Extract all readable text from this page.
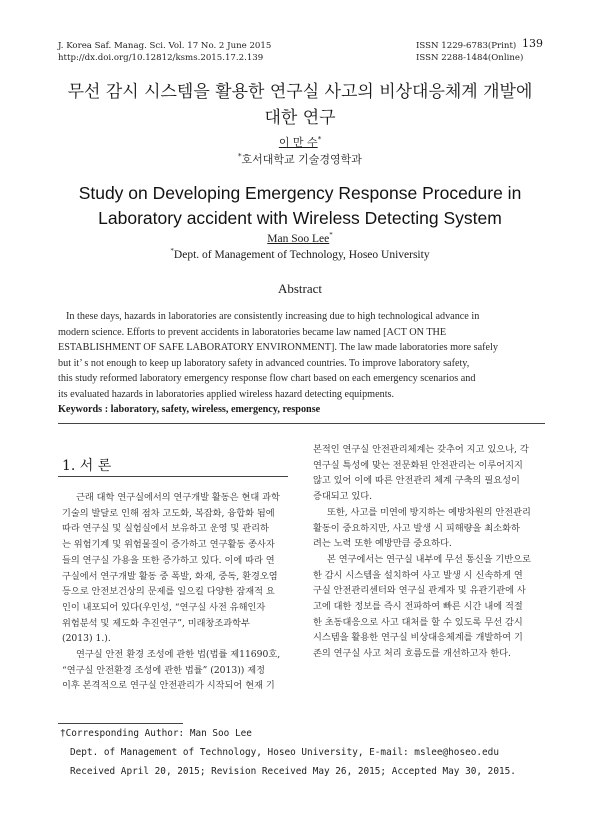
J. Korea Saf. Manag. Sci. Vol. 17 No. 2 June 2015
http://dx.doi.org/10.12812/ksms.2015.17.2.139
ISSN 1229-6783(Print)
ISSN 2288-1484(Online)
139
무선 감시 시스템을 활용한 연구실 사고의 비상대응체계 개발에
대한 연구
이 만 수*
*호서대학교 기술경영학과
Study on Developing Emergency Response Procedure in
Laboratory accident with Wireless Detecting System
Man Soo Lee*
*Dept. of Management of Technology, Hoseo University
Abstract
In these days, hazards in laboratories are consistently increasing due to high technological advance in
modern science. Efforts to prevent accidents in laboratories became law named [ACT ON THE
ESTABLISHMENT OF SAFE LABORATORY ENVIRONMENT]. The law made laboratories more safely
but it’ s not enough to keep up laboratory safety in advanced countries. To improve laboratory safety,
this study reformed laboratory emergency response flow chart based on each emergency scenarios and
its evaluated hazards in laboratories applied wireless hazard detecting equipments.
Keywords : laboratory, safety, wireless, emergency, response
1. 서 론
근래 대학 연구실에서의 연구개발 활동은 현대 과학
기술의 발달로 인해 점차 고도화, 복잡화, 융합화 됨에
따라 연구실 및 실험실에서 보유하고 운영 및 관리하
는 위험기계 및 위험물질이 증가하고 연구활동 종사자
들의 연구실 가용을 또한 증가하고 있다. 이에 따라 연
구실에서 연구개발 활동 중 폭발, 화재, 중독, 환경오염
등으로 안전보건상의 문제를 일으킬 다양한 잠재적 요
인이 내포되어 있다(우인성, “연구실 사전 유해인자
위험분석 및 제도화 추진연구”, 미래창조과학부
(2013) 1.).
연구실 안전 환경 조성에 관한 법(법률 제11690호,
“연구실 안전환경 조성에 관한 법률” (2013)) 제정
이후 본격적으로 연구실 안전관리가 시작되어 현재 기
본적인 연구실 안전관리체계는 갖추어 지고 있으나, 각
연구실 특성에 맞는 전문화된 안전관리는 이루어지지
않고 있어 이에 따른 안전관리 체계 구축의 필요성이
증대되고 있다.
또한, 사고를 미연에 방지하는 예방차원의 안전관리
활동이 중요하지만, 사고 발생 시 피해량을 최소화하
려는 노력 또한 예방만큼 중요하다.
본 연구에서는 연구실 내부에 무선 통신을 기반으로
한 감시 시스템을 설치하여 사고 발생 시 신속하게 연
구실 안전관리센터와 연구실 관계자 및 유관기관에 사
고에 대한 정보를 즉시 전파하여 빠른 시간 내에 적절
한 초동대응으로 사고 대처를 할 수 있도록 무선 감시
시스템을 활용한 연구실 비상대응체계를 개발하여 기
존의 연구실 사고 처리 흐름도를 개선하고자 한다.
†Corresponding Author: Man Soo Lee
Dept. of Management of Technology, Hoseo University, E-mail: mslee@hoseo.edu
Received April 20, 2015; Revision Received May 26, 2015; Accepted May 30, 2015.
